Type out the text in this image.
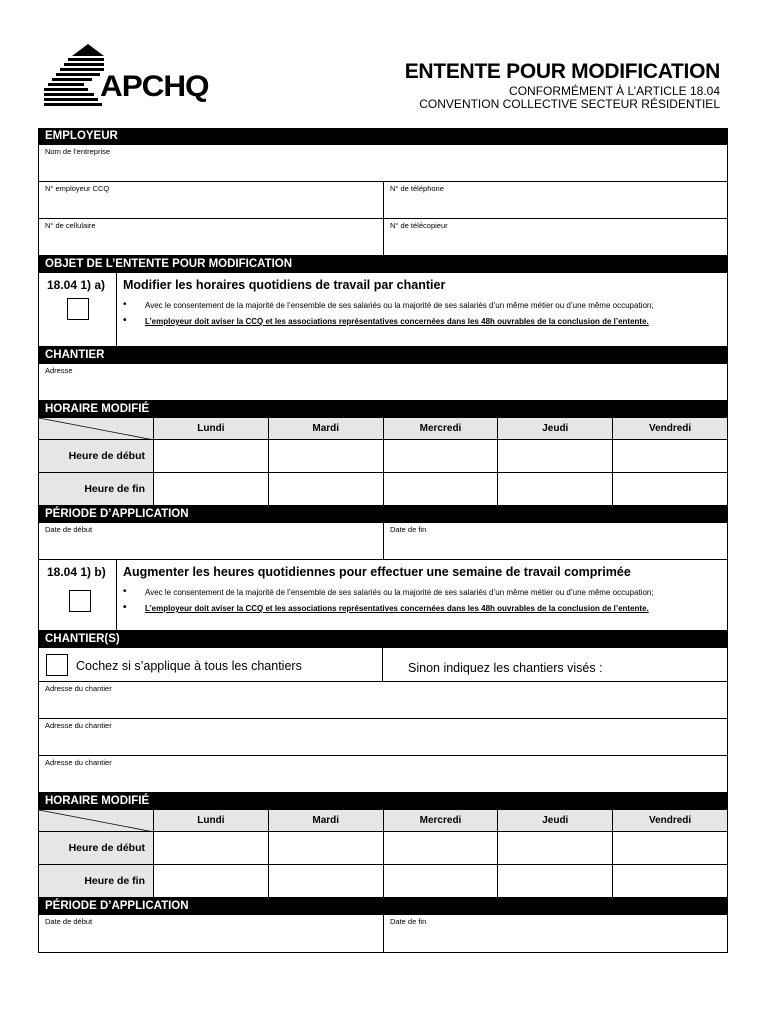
APCHQ	ENTENTE POUR MODIFICATION
CONFORMÉMENT À L’ARTICLE 18.04
CONVENTION COLLECTIVE SECTEUR RÉSIDENTIEL
EMPLOYEUR
Nom de l’entreprise
N° employeur CCQ	N° de téléphone
N° de cellulaire	N° de télécopieur
OBJET DE L’ENTENTE POUR MODIFICATION
18.04 1) a)	Modifier les horaires quotidiens de travail par chantier
• Avec le consentement de la majorité de l’ensemble de ses salariés ou la majorité de ses salariés d’un même métier ou d’une même occupation;
• L’employeur doit aviser la CCQ et les associations représentatives concernées dans les 48h ouvrables de la conclusion de l’entente.
CHANTIER
Adresse
HORAIRE MODIFIÉ
Lundi	Mardi	Mercredi	Jeudi	Vendredi
Heure de début
Heure de fin
PÉRIODE D’APPLICATION
Date de début	Date de fin
18.04 1) b)	Augmenter les heures quotidiennes pour effectuer une semaine de travail comprimée
• Avec le consentement de la majorité de l’ensemble de ses salariés ou la majorité de ses salariés d’un même métier ou d’une même occupation;
• L’employeur doit aviser la CCQ et les associations représentatives concernées dans les 48h ouvrables de la conclusion de l’entente.
CHANTIER(S)
Cochez si s’applique à tous les chantiers	Sinon indiquez les chantiers visés :
Adresse du chantier
Adresse du chantier
Adresse du chantier
HORAIRE MODIFIÉ
Lundi	Mardi	Mercredi	Jeudi	Vendredi
Heure de début
Heure de fin
PÉRIODE D’APPLICATION
Date de début	Date de fin
